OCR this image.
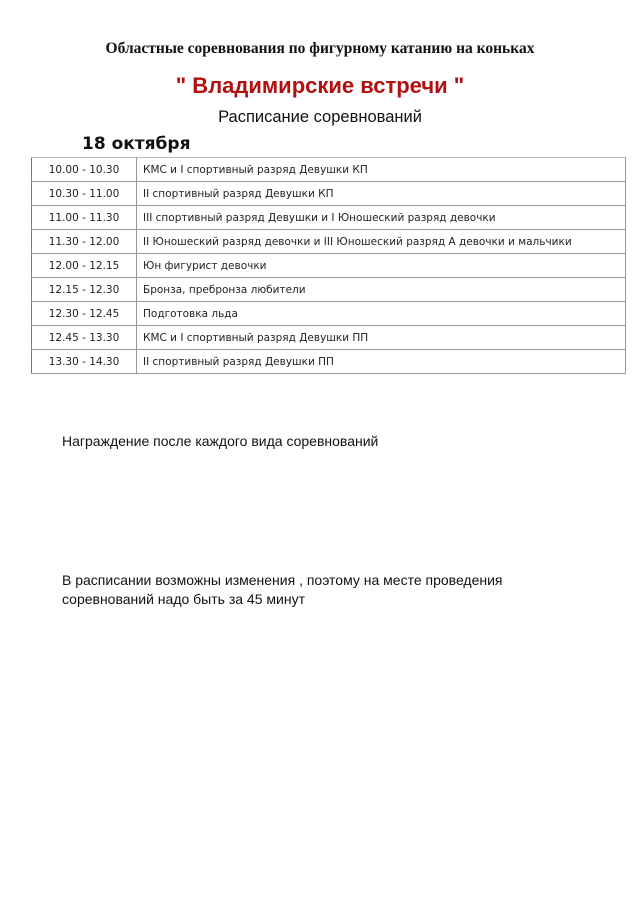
Областные соревнования по фигурному катанию на коньках
" Владимирские встречи "
Расписание соревнований
18 октября
10.00 - 10.30	КМС и I спортивный разряд Девушки КП
10.30 - 11.00	II спортивный разряд Девушки КП
11.00 - 11.30	III спортивный разряд Девушки и I Юношеский разряд девочки
11.30 - 12.00	II Юношеский разряд девочки и III Юношеский разряд А девочки и мальчики
12.00 - 12.15	Юн фигурист девочки
12.15 - 12.30	Бронза, пребронза любители
12.30 - 12.45	Подготовка льда
12.45 - 13.30	КМС и I спортивный разряд Девушки ПП
13.30 - 14.30	II спортивный разряд Девушки ПП
Награждение после каждого вида соревнований
В расписании возможны изменения , поэтому на месте проведения соревнований надо быть за 45 минут
